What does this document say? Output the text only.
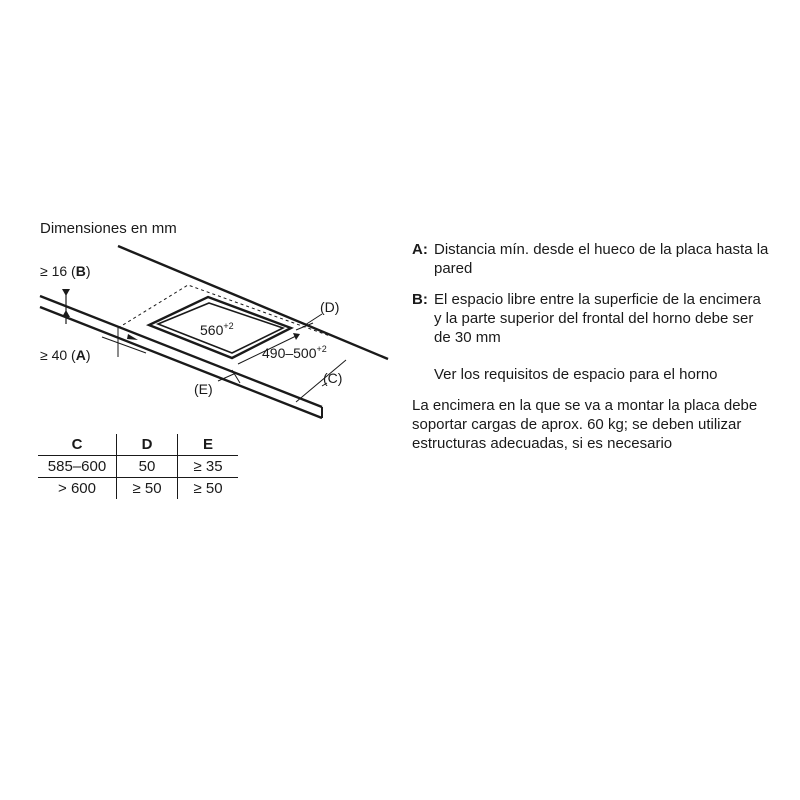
Dimensiones en mm
≥ 16 (B)
≥ 40 (A)
(E)
(D)
(C)
$560^{+2}$
$490-500^{+2}$
C	D	E
585–600	50	≥ 35
> 600	≥ 50	≥ 50
A: Distancia mín. desde el hueco de la placa hasta la pared
B: El espacio libre entre la superficie de la encimera y la parte superior del frontal del horno debe ser de 30 mm
Ver los requisitos de espacio para el horno
La encimera en la que se va a montar la placa debe soportar cargas de aprox. 60 kg; se deben utilizar estructuras adecuadas, si es necesario
